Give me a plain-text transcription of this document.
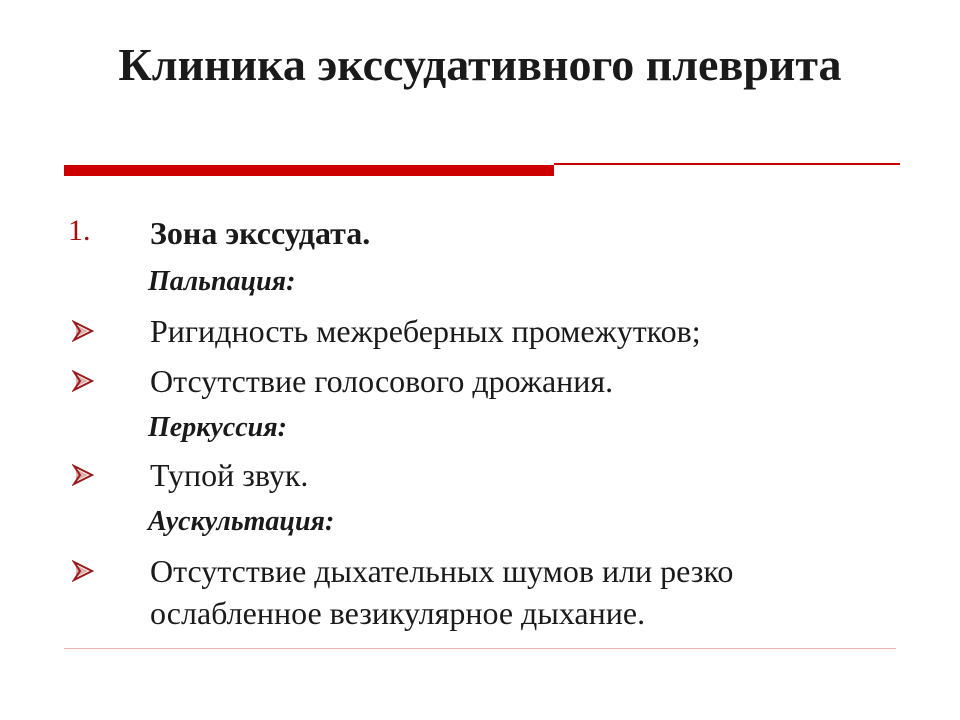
Клиника экссудативного плеврита
1. Зона экссудата.
Пальпация:
Ригидность межреберных промежутков;
Отсутствие голосового дрожания.
Перкуссия:
Тупой звук.
Аускультация:
Отсутствие дыхательных шумов или резко ослабленное везикулярное дыхание.
